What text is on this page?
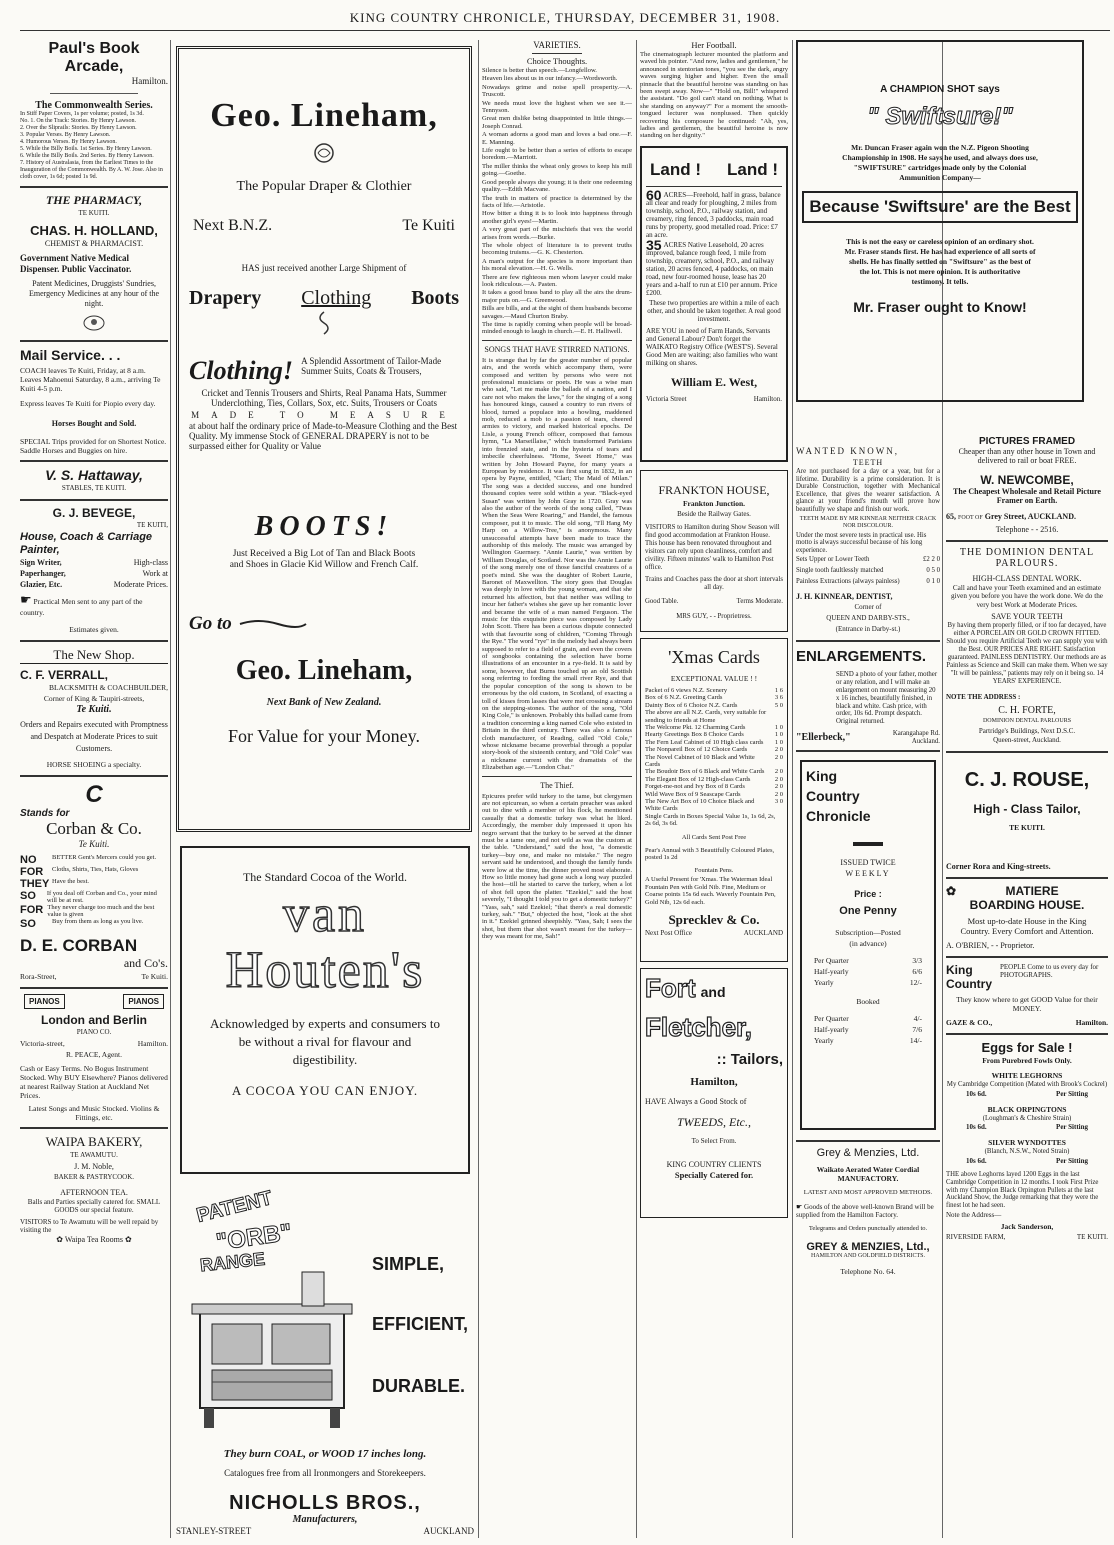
KING COUNTRY CHRONICLE, THURSDAY, DECEMBER 31, 1908.
Paul's Book Arcade,
Hamilton.
The Commonwealth Series.
In Stiff Paper Covers, 1s per volume; posted, 1s 3d.
No. 1. On the Track: Stories. By Henry Lawson.
2. Over the Sliprails: Stories. By Henry Lawson.
3. Popular Verses. By Henry Lawson.
4. Humorous Verses. By Henry Lawson.
5. While the Billy Boils. 1st Series. By Henry Lawson.
6. While the Billy Boils. 2nd Series. By Henry Lawson.
7. History of Australasia, from the Earliest Times to the Inauguration of the Commonwealth. By A. W. Jose. Also in cloth cover, 1s 6d; posted 1s 9d.
THE PHARMACY,
TE KUITI.
CHAS. H. HOLLAND,
CHEMIST & PHARMACIST.
Government Native Medical Dispenser. Public Vaccinator.
Patent Medicines, Druggists' Sundries, Emergency Medicines at any hour of the night.
Mail Service. . .
COACH leaves Te Kuiti, Friday, at 8 a.m. Leaves Mahoenui Saturday, 8 a.m., arriving Te Kuiti 4-5 p.m.
Express leaves Te Kuiti for Piopio every day.
Horses Bought and Sold.
SPECIAL Trips provided for on Shortest Notice. Saddle Horses and Buggies on hire.
V. S. Hattaway,
STABLES, TE KUITI.
G. J. BEVEGE,
TE KUITI,
House, Coach & Carriage Painter,
Sign Writer,	High-class
Paperhanger,	Work at
Glazier, Etc.	Moderate Prices.
☛ Practical Men sent to any part of the country.
Estimates given.
The New Shop.
C. F. VERRALL,
BLACKSMITH & COACHBUILDER,
Corner of King & Taupiri-streets,
Te Kuiti.
Orders and Repairs executed with Promptness and Despatch at Moderate Prices to suit Customers.
HORSE SHOEING a specialty.
C
Stands for
Corban & Co.
Te Kuiti.
NO	BETTER Gent's Mercers could you get.
FOR	Cloths, Shirts, Ties, Hats, Gloves
THEY Have the best.
SO	If you deal off Corban and Co., your mind will be at rest.
FOR They never charge too much and the best value is given
SO	Buy from them as long as you live.
D. E. CORBAN
and Co's.
Rora-Street,	Te Kuiti.
PIANOS	PIANOS
London and Berlin
PIANO CO.
Victoria-street,	Hamilton.
R. PEACE, Agent.
Cash or Easy Terms. No Bogus Instrument Stocked. Why BUY Elsewhere? Pianos delivered at nearest Railway Station at Auckland Net Prices.
Latest Songs and Music Stocked. Violins & Fittings, etc.
WAIPA BAKERY,
TE AWAMUTU.
J. M. Noble,
BAKER & PASTRYCOOK.
AFTERNOON TEA.
Balls and Parties specially catered for. SMALL GOODS our special feature.
VISITORS to Te Awamutu will be well repaid by visiting the
✿ Waipa Tea Rooms ✿
Geo. Lineham,
The Popular Draper & Clothier
Next B.N.Z.	Te Kuiti
HAS just received another Large Shipment of
Drapery Clothing Boots
Clothing! A Splendid Assortment of Tailor-Made Summer Suits, Coats & Trousers,
Cricket and Tennis Trousers and Shirts, Real Panama Hats, Summer Underclothing, Ties, Collars, Sox, etc. Suits, Trousers or Coats
MADE TO MEASURE
at about half the ordinary price of Made-to-Measure Clothing and the Best Quality. My immense Stock of GENERAL DRAPERY is not to be surpassed either for Quality or Value
BOOTS!
Just Received a Big Lot of Tan and Black Boots and Shoes in Glacie Kid Willow and French Calf.
Go to
Geo. Lineham,
Next Bank of New Zealand.
For Value for your Money.
The Standard Cocoa of the World.
van
Houten's
Acknowledged by experts and consumers to be without a rival for flavour and digestibility.
A COCOA YOU CAN ENJOY.
PATENT
"ORB"
RANGE	SIMPLE,
EFFICIENT,
DURABLE.
They burn COAL, or WOOD 17 inches long.
Catalogues free from all Ironmongers and Storekeepers.
NICHOLLS BROS.,
Manufacturers,
STANLEY-STREET	AUCKLAND
VARIETIES.
Choice Thoughts.
Silence is better than speech.—Longfellow.
Heaven lies about us in our infancy.—Wordsworth.
Nowadays grime and noise spell prosperity.—A. Truscott.
We needs must love the highest when we see it.—Tennyson.
Great men dislike being disappointed in little things.—Joseph Conrad.
A woman adorns a good man and loves a bad one.—F. E. Manning.
Life ought to be better than a series of efforts to escape boredom.—Marriott.
The miller thinks the wheat only grows to keep his mill going.—Goethe.
Good people always die young; it is their one redeeming quality.—Edith Macvane.
The truth in matters of practice is determined by the facts of life.—Aristotle.
How bitter a thing it is to look into happiness through another girl's eyes!—Martin.
A very great part of the mischiefs that vex the world arises from words.—Burke.
The whole object of literature is to prevent truths becoming truisms.—G. K. Chesterton.
A man's output for the species is more important than his moral elevation.—H. G. Wells.
There are few righteous men whom lawyer could make look ridiculous.—A. Pasten.
It takes a good brass band to play all the airs the drum-major puts on.—G. Greenwood.
Bills are bills, and at the sight of them husbands become savages.—Maud Churton Braby.
The time is rapidly coming when people will be broad-minded enough to laugh in church.—E. H. Halliwell.
SONGS THAT HAVE STIRRED NATIONS.
It is strange that by far the greater number of popular airs, and the words which accompany them, were composed and written by persons who were not professional musicians or poets. He was a wise man who said, "Let me make the ballads of a nation, and I care not who makes the laws," for the singing of a song has honoured kings, caused a country to run rivers of blood, turned a populace into a howling, maddened mob, reduced a mob to a passion of tears, cheered armies to victory, and marked historical epochs. De Lisle, a young French officer, composed that famous hymn, "La Marseillaise," which transformed Parisians into frenzied state, and in the hysteria of tears and imbecile cheerfulness. "Home, Sweet Home," was written by John Howard Payne, for many years a European by residence. It was first sung in 1832, in an opera by Payne, entitled, "Clari; The Maid of Milan." The song was a decided success, and one hundred thousand copies were sold within a year. "Black-eyed Susan" was written by John Gray in 1720. Gray was also the author of the words of the song called, "Twas When the Seas Were Roaring," and Handel, the famous composer, put it to music. The old song, "I'll Hang My Harp on a Willow-Tree," is anonymous. Many unsuccessful attempts have been made to trace the authorship of this melody. The music was arranged by Wellington Guernsey. "Annie Laurie," was written by William Douglas, of Scotland. Nor was the Annie Laurie of the song merely one of those fanciful creatures of a poet's mind. She was the daughter of Robert Laurie, Baronet of Maxwellton. The story goes that Douglas was deeply in love with the young woman, and that she returned his affection, but that neither was willing to incur her father's wishes she gave up her romantic lover and became the wife of a man named Ferguson. The music for this exquisite piece was composed by Lady John Scott. There has been a curious dispute connected with that favourite song of children, "Coming Through the Rye." The word "rye" in the melody had always been supposed to refer to a field of grain, and even the covers of songbooks containing the selection have borne illustrations of an encounter in a rye-field. It is said by some, however, that Burns touched up an old Scottish song referring to fording the small river Rye, and that the popular conception of the song is shown to be erroneous by the old custom, in Scotland, of exacting a toll of kisses from lasses that were met crossing a stream on the stepping-stones. The author of the song, "Old King Cole," is unknown. Probably this ballad came from a tradition concerning a king named Cole who existed in Britain in the third century. There was also a famous cloth manufacturer, of Reading, called "Old Cole," whose nickname became proverbial through a popular story-book of the sixteenth century, and "Old Cole" was a nickname current with the dramatists of the Elizabethan age.—"London Chat."
The Thief.
Epicures prefer wild turkey to the tame, but clergymen are not epicurean, so when a certain preacher was asked out to dine with a member of his flock, he mentioned casually that a domestic turkey was what he liked. Accordingly, the member duly impressed it upon his negro servant that the turkey to be served at the dinner must be a tame one, and not wild as was the custom at the table. "Understand," said the host, "a domestic turkey—buy one, and make no mistake." The negro servant said he understood, and though the family funds were low at the time, the dinner proved most elaborate. How so little money had gone such a long way puzzled the host—till he started to carve the turkey, when a lot of shot fell upon the platter. "Ezekiel," said the host severely, "I thought I told you to get a domestic turkey?" "Yass, sah," said Ezekiel; "that there's a real domestic turkey, sah." "But," objected the host, "look at the shot in it." Ezekiel grinned sheepishly. "Yass, Sah; I sees the shot, but them thar shot wasn't meant for the turkey—they was meant for me, Sah!"
Her Football.
The cinematograph lecturer mounted the platform and waved his pointer. "And now, ladies and gentlemen," he announced in stentorian tones, "you see the dark, angry waves surging higher and higher. Even the small pinnacle that the beautiful heroine was standing on has been swept away. Now—" "Hold on, Bill!" whispered the assistant. "Do goil can't stand on nothing. What is she standing on anyway?" For a moment the smooth-tongued lecturer was nonplussed. Then quickly recovering his composure he continued: "Ah, yes, ladies and gentlemen, the beautiful heroine is now standing on her dignity."
Land ! Land !
60 ACRES—Freehold, half in grass, balance all clear and ready for ploughing, 2 miles from township, school, P.O., railway station, and creamery, ring fenced, 3 paddocks, main road runs by property, good metalled road. Price: £7 an acre.
35 ACRES Native Leasehold, 20 acres improved, balance rough feed, 1 mile from township, creamery, school, P.O., and railway station, 20 acres fenced, 4 paddocks, on main road, new four-roomed house, lease has 20 years and a-half to run at £10 per annum. Price £200.
These two properties are within a mile of each other, and should be taken together. A real good investment.
ARE YOU in need of Farm Hands, Servants and General Labour? Don't forget the WAIKATO Registry Office (WEST'S). Several Good Men are waiting; also families who want milking on shares.
William E. West,
Victoria Street	Hamilton.
FRANKTON HOUSE,
Frankton Junction.
Beside the Railway Gates.
VISITORS to Hamilton during Show Season will find good accommodation at Frankton House. This house has been renovated throughout and visitors can rely upon cleanliness, comfort and civility. Fifteen minutes' walk to Hamilton Post office.
Trains and Coaches pass the door at short intervals all day.
Good Table.	Terms Moderate.
MRS GUY, - - Proprietress.
'Xmas Cards
EXCEPTIONAL VALUE ! !
Packet of 6 views N.Z. Scenery	1 6
Box of 6 N.Z. Greeting Cards	3 6
Dainty Box of 6 Choice N.Z. Cards	5 0
The above are all N.Z. Cards, very suitable for sending to friends at Home
The Welcome Pkt. 12 Charming Cards	1 0
Hearty Greetings Box 8 Choice Cards	1 0
The Fern Leaf Cabinet of 10 High class cards 1 0
The Nonpareil Box of 12 Choice Cards	2 0
The Novel Cabinet of 10 Black and White Cards
2 0
The Boudoir Box of 6 Black and White Cards 2 0
The Elegant Box of 12 High-class Cards	2 0
Forget-me-not and Ivy Box of 8 Cards	2 0
Wild Wave Box of 9 Seascape Cards	2 0
The New Art Box of 10 Choice Black and White Cards
3 0
Single Cards in Boxes Special Value 1s, 1s 6d, 2s, 2s 6d, 3s 6d.
All Cards Sent Post Free
Pear's Annual with 3 Beautifully Coloured Plates, posted 1s 2d
Fountain Pens.
A Useful Present for 'Xmas. The Waterman Ideal Fountain Pen with Gold Nib. Fine, Medium or Coarse points 15s 6d each. Waverly Fountain Pen, Gold Nib, 12s 6d each.
Sprecklev & Co.
Next Post Office	AUCKLAND
Fort and
Fletcher,
:: Tailors,
Hamilton,
HAVE Always a Good Stock of
TWEEDS, Etc.,
To Select From.
KING COUNTRY CLIENTS
Specially Catered for.
A CHAMPION SHOT says
" Swiftsure!"
Mr. Duncan Fraser again won the N.Z. Pigeon Shooting Championship in 1908. He says he used, and always does use, "SWIFTSURE" cartridges made only by the Colonial Ammunition Company—
Because 'Swiftsure' are the Best
This is not the easy or careless opinion of an ordinary shot. Mr. Fraser stands first. He has had experience of all sorts of shells. He has finally settled on "Swiftsure" as the best of the lot. This is not mere opinion. It is authoritative testimony. It tells.
Mr. Fraser ought to Know!
WANTED KNOWN,
TEETH
Are not purchased for a day or a year, but for a lifetime. Durability is a prime consideration. It is Durable Construction, together with Mechanical Excellence, that gives the wearer satisfaction. A glance at your friend's mouth will prove how beautifully we shape and finish our work.
TEETH MADE BY MR KINNEAR NEITHER CRACK NOR DISCOLOUR.
Under the most severe tests in practical use. His motto is always successful because of his long experience.
Sets Upper or Lower Teeth	£2 2 0
Single tooth faultlessly matched	0 5 0
Painless Extractions (always painless)	0 1 0
J. H. KINNEAR, DENTIST,
Corner of
QUEEN AND DARBY-STS.,
(Entrance in Darby-st.)
ENLARGEMENTS.
SEND a photo of your father, mother or any relation, and I will make an enlargement on mount measuring 20 x 16 inches, beautifully finished, in black and white. Cash price, with order, 10s 6d. Prompt despatch. Original returned.
"Ellerbeck,"	Karangahape Rd. Auckland.
King
Country
Chronicle
ISSUED TWICE
WEEKLY
Price :
One Penny
Subscription—Posted
(in advance)
Per Quarter	3/3
Half-yearly	6/6
Yearly	12/-
Booked
Per Quarter	4/-
Half-yearly	7/6
Yearly	14/-
Grey & Menzies, Ltd.
Waikato Aerated Water Cordial MANUFACTORY.
LATEST AND MOST APPROVED METHODS.
☛ Goods of the above well-known Brand will be supplied from the Hamilton Factory.
Telegrams and Orders punctually attended to.
GREY & MENZIES, Ltd.,
HAMILTON AND GOLDFIELD DISTRICTS.
Telephone No. 64.
PICTURES FRAMED
Cheaper than any other house in Town and delivered to rail or boat FREE.
W. NEWCOMBE,
The Cheapest Wholesale and Retail Picture Framer on Earth.
65, FOOT OF Grey Street, AUCKLAND.
Telephone - - 2516.
THE DOMINION DENTAL PARLOURS.
HIGH-CLASS DENTAL WORK.
Call and have your Teeth examined and an estimate given you before you have the work done. We do the very best Work at Moderate Prices.
SAVE YOUR TEETH
By having them properly filled, or if too far decayed, have either A PORCELAIN OR GOLD CROWN FITTED. Should you require Artificial Teeth we can supply you with the Best. OUR PRICES ARE RIGHT. Satisfaction guaranteed. PAINLESS DENTISTRY. Our methods are as Painless as Science and Skill can make them. When we say "It will be painless," patients may rely on it being so. 14 YEARS' EXPERIENCE.
NOTE THE ADDRESS :
C. H. FORTE,
DOMINION DENTAL PARLOURS
Partridge's Buildings, Next D.S.C.
Queen-street, Auckland.
C. J. ROUSE,
High - Class Tailor,
TE KUITI.
Corner Rora and King-streets.
✿	MATIERE
BOARDING HOUSE.
Most up-to-date House in the King Country. Every Comfort and Attention.
A. O'BRIEN, - - Proprietor.
King
Country
PEOPLE Come to us every day for PHOTOGRAPHS.
They know where to get GOOD Value for their MONEY.
GAZE & CO.,	Hamilton.
Eggs for Sale !
From Purebred Fowls Only.
WHITE LEGHORNS
My Cambridge Competition (Mated with Brook's Cockrel)
10s 6d.	Per Sitting
BLACK ORPINGTONS
(Loughman's & Cheshire Strain)
10s 6d.	Per Sitting
SILVER WYNDOTTES
(Blanch, N.S.W., Noted Strain)
10s 6d.	Per Sitting
THE above Leghorns layed 1200 Eggs in the last Cambridge Competition in 12 months. I took First Prize with my Champion Black Orpington Pullets at the last Auckland Show, the Judge remarking that they were the finest lot he had seen.
Note the Address—
Jack Sanderson,
RIVERSIDE FARM,	TE KUITI.
